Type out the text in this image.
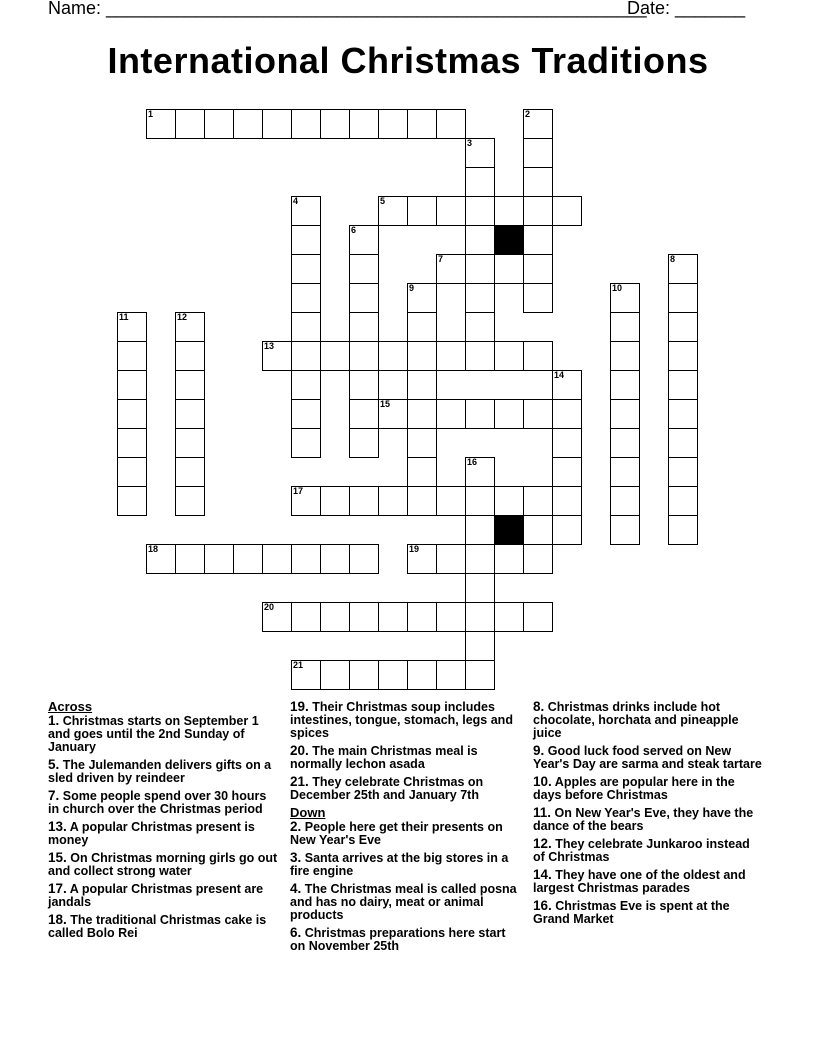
Name: ______________________________________________________
Date: _______
International Christmas Traditions
1
5
7
13
15
17
18	19
20
21
2
3
4
6
8
9	10
11	12
14
16
Across
1. Christmas starts on September 1 and goes until the 2nd Sunday of January
5. The Julemanden delivers gifts on a sled driven by reindeer
7. Some people spend over 30 hours in church over the Christmas period
13. A popular Christmas present is money
15. On Christmas morning girls go out and collect strong water
17. A popular Christmas present are jandals
18. The traditional Christmas cake is called Bolo Rei
19. Their Christmas soup includes intestines, tongue, stomach, legs and spices
20. The main Christmas meal is normally lechon asada
21. They celebrate Christmas on December 25th and January 7th
Down
2. People here get their presents on New Year's Eve
3. Santa arrives at the big stores in a fire engine
4. The Christmas meal is called posna and has no dairy, meat or animal products
6. Christmas preparations here start on November 25th
8. Christmas drinks include hot chocolate, horchata and pineapple juice
9. Good luck food served on New Year's Day are sarma and steak tartare
10. Apples are popular here in the days before Christmas
11. On New Year's Eve, they have the dance of the bears
12. They celebrate Junkaroo instead of Christmas
14. They have one of the oldest and largest Christmas parades
16. Christmas Eve is spent at the Grand Market
